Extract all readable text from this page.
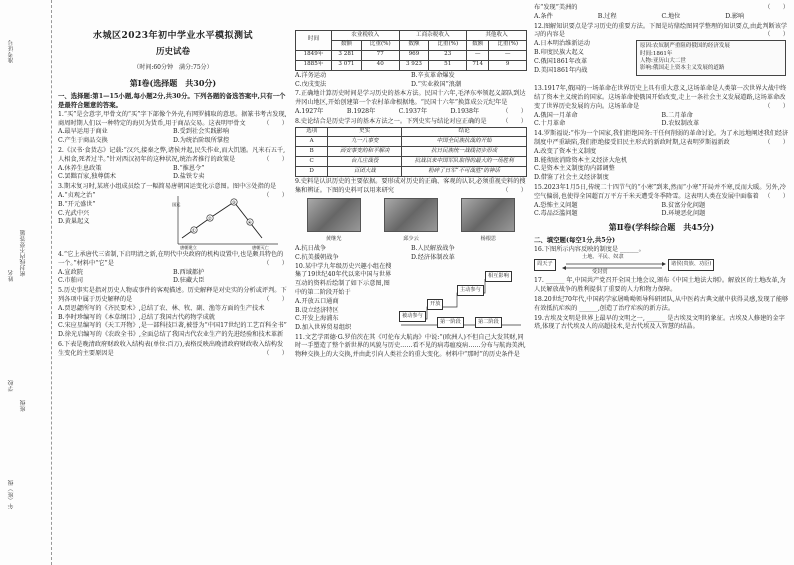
准考证号
密封线内不要答题
姓名
学校
班级
年（班）级
水城区2023年初中学业水平模拟测试
历史试卷
（时间:60分钟　满分:75分）
第Ⅰ卷(选择题　共30分)
一、选择题:第1—15小题,每小题2分,共30分。下列各题的备选答案中,只有一个是最符合题意的答案。
1.“买”是会意字,甲骨文的“买”字下部像个外壳,有网罗捕取的意思。据篆书考古发现,商周时期人们以一种特定的海贝为货币,用于商品交易。这表明甲骨文	（　　）
A.最早运用于商业	B.受到社会实践影响
C.产生于商品交换	D.为统治阶级所掌控
2.《汉书·食货志》记载:“汉兴,接秦之弊,诸侯并起,民失作业,而大饥馑。凡米石五千,人相食,死者过半。”针对西汉初年的这种状况,统治者推行的政策是	（　　）
A.休养生息政策	B.“推恩令”
C.罢黜百家,独尊儒术	D.盐铁专卖
3.期末复习时,某班小组成员绘了一幅简易唐朝国运变化示意图。图中③处指的是
（　　）
A.“贞观之治”
B.“开元盛世”
C.光武中兴
D.黄巢起义
①
②
③
④
国运
唐朝建立	唐朝灭亡
4.“它上承唐代三省制,下启明清之新,在明代中央政府的机构设置中,也是颇具特色的一个。”材料中“它”是	（　　）
A.宣政院	B.西域都护
C.市舶司	D.驻藏大臣
5.历史事实是指对历史人物或事件的客观描述。历史解释是对史实的分析或评判。下列各项中属于历史解释的是	（　　）
A.贾思勰所写的《齐民要术》,总结了农、林、牧、副、渔等方面的生产技术
B.李时珍编写的《本草纲目》,总结了我国古代药物学成就
C.宋应星编写的《天工开物》,是一部科技巨著,被誉为“中国17世纪的工艺百科全书”
D.徐光启编写的《农政全书》,全面总结了我国古代农业生产的先进经验和技术革新
6.下表是晚清政府财政收入结构表(单位:百万),表格反映出晚清政府财政收入结构发生变化的主要原因是	（　　）
时间	农业税收入		工商杂税收入		其他收入	
	数额	比重(%)	数额	比重(%)	数额	比重(%)
1849年	3 281	77	969	23	—	—
1885年	3 071	40	3 923	51	714	9
A.洋务运动	B.辛亥革命爆发
C.戊戌变法	D.“实业救国”浪潮
7.正确地计算历史时间是学习历史的基本方法。民国十六年,毛泽东率领起义部队到达井冈山地区,开始创建第一个农村革命根据地。“民国十六年”换算成公元纪年是
（　　）
A.1927年	B.1928年	C.1937年	D.1938年
8.史论结合是历史学习的基本方法之一。下列史实与结论对应正确的是	（　　）
选项	史实	结论
A	九一八事变	中国全民族抗战的开始
B	西安事变的和平解决	抗日民族统一战线初步形成
C	台儿庄战役	抗战以来中国军队取得的最大的一场胜利
D	百团大战	粉碎了日军“不可战胜”的神话
9.史料是认识历史的主要依据。要形成对历史的正确、客观的认识,必须重视史料的搜集和辨证。下图的史料可以用来研究	（　　）
黄继光	邱少云	杨根思
A.抗日战争	B.人民解放战争
C.抗美援朝战争	D.经济体制改革
10.某中学九年级历史兴趣小组在搜集了19世纪40年代以来中国与世界互动的资料后绘制了如下示意图,图中的第二阶段开始于
A.开放五口通商
B.设立经济特区
C.开发上海浦东
D.加入世界贸易组织
相互影响
主动参与
开放
被动参与
第一阶段	第二阶段
11.文艺学雷德·G.罗伯茨在其《可伦布大航海》中说:“(欧洲人)不但自己大发其财,同时一手塑造了整个新世界的风貌与历史……看不见的病毒瘟疫病……分布与航海美洲,物种交换上的大交换,并由此引向人类社会的重大变化。材料中“那时”的历史条件是
布“发现”美洲的	（　　）
A.条件	B.过程	C.地位	D.影响
12.图解知识要点是学习历史的重要方法。下图是坊鼎绘图同学整理的知识要点,由此判断该学习的内容是	（　　）
A.日本明治维新运动
B.印度民族大起义
C.俄国1861年改革
D.美国1861年内战
原因:农奴制严重阻碍俄国的经济发展
时间:1861年
人物:亚历山大二世
影响:俄国走上资本主义发展的道路
13.1917年,俄国的一场革命在世界历史上具有重大意义,这场革命是人类第一次世界大战中终结了资本主义统治的国家。这场革命使俄国开始改变,走上一条社会主义发展道路,这场革命改变了世界历史发展的方向。这场革命是	（　　）
A.俄国一月革命	B.二月革命
C.十月革命	D.农奴制改革
14.罗斯福说:“作为一个国家,我们拒绝国务:干任何削弱的革命讨论。为了永远地阐述我们经济制度中严重缺陷,我们拒绝接受旧民主形式的新政时期,这表明罗斯福新政	（　　）
A.改变了资本主义制度
B.能彻底消除资本主义经济大危机
C.是资本主义制度的内部调整
D.借鉴了社会主义经济制度
15.2023年1月5日,传统二十四节气的“小寒”到来,然而“小寒”开局并不寒,反而大暖。另外,冷空气偏弱,也使得全国超百万平方千米天遭受冬季降雪。这表明人类在发展中面临着 （　　）
A.恐怖主义问题	B.贫富分化问题
C.毒品泛滥问题	D.环境恶化问题
第Ⅱ卷(学科综合题　共45分)
二、填空题(每空1分,共5分)
16.下图所示内容反映的制度是 ______。
周天子
土地、平民、奴隶
受封赏
诸侯(贵族、功臣)
17. ______ 年,中国共产党召开全国土地会议,颁布《中国土地法大纲》。解放区的土地改革,为人民解放战争的胜利提供了重要的人力和物力保障。
18.20世纪70年代,中国药学家屠呦呦领导科研团队,从中医药古典文献中获得灵感,发现了能够有效抵抗疟疾的 ______,创造了治疗疟疾的新方法。
19.古埃及文明是世界上最早的文明之一, ______ 是古埃及文明的象征。古埃及人修建的金字塔,体现了古代埃及人的高超技术,是古代埃及人智慧的结晶。
